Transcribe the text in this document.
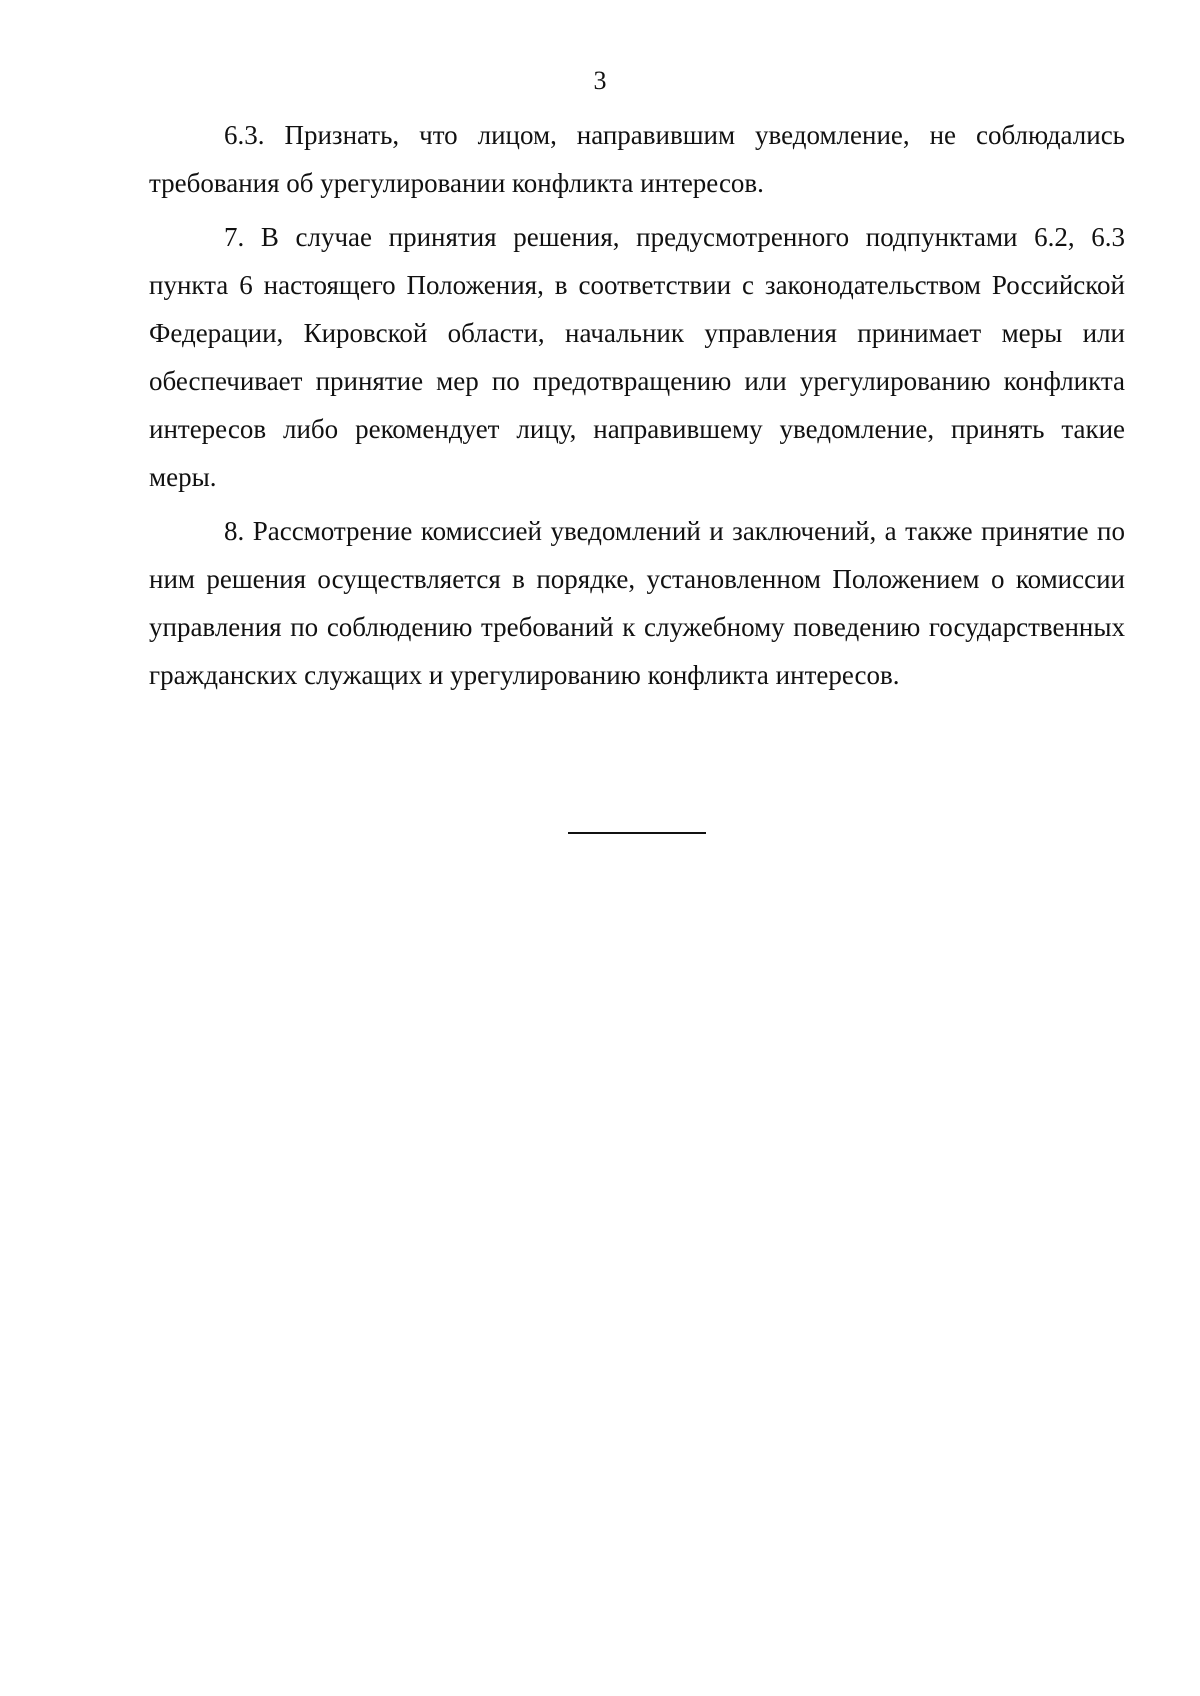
3

6.3. Признать, что лицом, направившим уведомление, не соблюдались требования об урегулировании конфликта интересов.

7. В случае принятия решения, предусмотренного подпунктами 6.2, 6.3 пункта 6 настоящего Положения, в соответствии с законодательством Российской Федерации, Кировской области, начальник управления принимает меры или обеспечивает принятие мер по предотвращению или урегулированию конфликта интересов либо рекомендует лицу, направившему уведомление, принять такие меры.

8. Рассмотрение комиссией уведомлений и заключений, а также принятие по ним решения осуществляется в порядке, установленном Положением о комиссии управления по соблюдению требований к служебному поведению государственных гражданских служащих и урегулированию конфликта интересов.
